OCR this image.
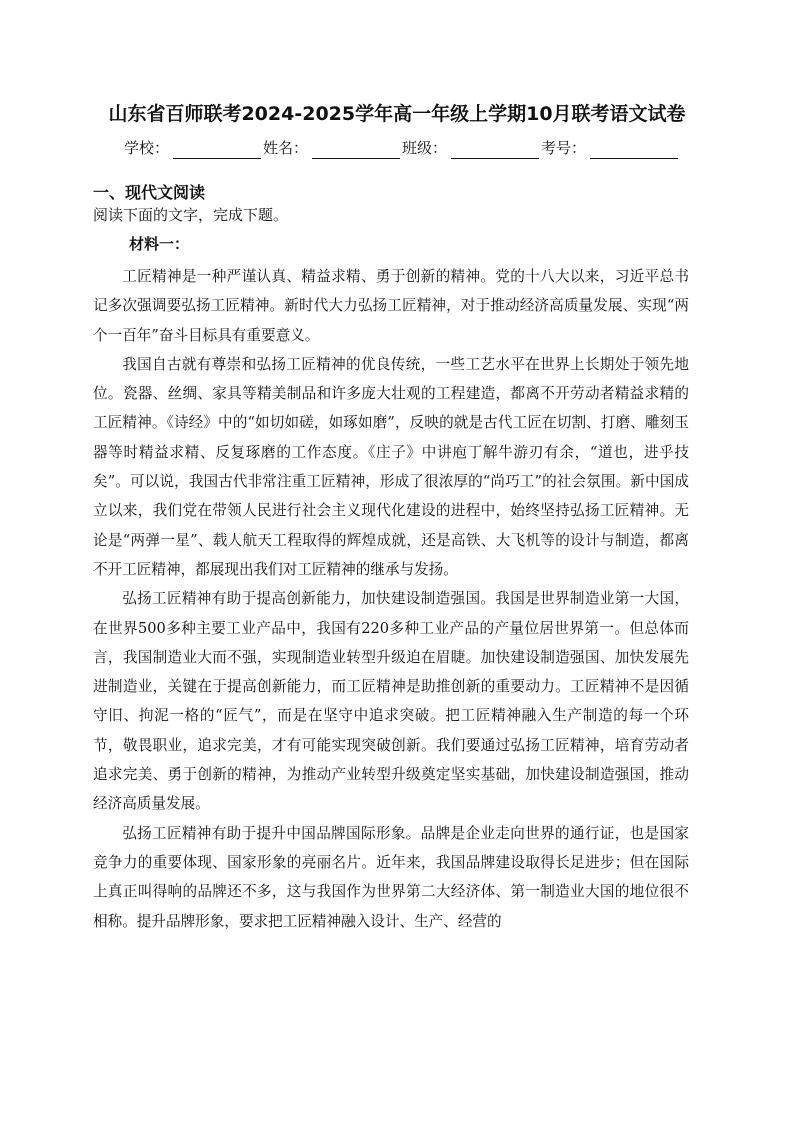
山东省百师联考2024-2025学年高一年级上学期10月联考语文试卷
学校：	姓名：	班级：	考号：
一、现代文阅读
阅读下面的文字，完成下题。
材料一：

工匠精神是一种严谨认真、精益求精、勇于创新的精神。党的十八大以来，习近平总书记多次强调要弘扬工匠精神。新时代大力弘扬工匠精神，对于推动经济高质量发展、实现“两个一百年”奋斗目标具有重要意义。

我国自古就有尊崇和弘扬工匠精神的优良传统，一些工艺水平在世界上长期处于领先地位。瓷器、丝绸、家具等精美制品和许多庞大壮观的工程建造，都离不开劳动者精益求精的工匠精神。《诗经》中的“如切如磋，如琢如磨”，反映的就是古代工匠在切割、打磨、雕刻玉器等时精益求精、反复琢磨的工作态度。《庄子》中讲庖丁解牛游刃有余，“道也，进乎技矣”。可以说，我国古代非常注重工匠精神，形成了很浓厚的“尚巧工”的社会氛围。新中国成立以来，我们党在带领人民进行社会主义现代化建设的进程中，始终坚持弘扬工匠精神。无论是“两弹一星”、载人航天工程取得的辉煌成就，还是高铁、大飞机等的设计与制造，都离不开工匠精神，都展现出我们对工匠精神的继承与发扬。

弘扬工匠精神有助于提高创新能力，加快建设制造强国。我国是世界制造业第一大国，在世界500多种主要工业产品中，我国有220多种工业产品的产量位居世界第一。但总体而言，我国制造业大而不强，实现制造业转型升级迫在眉睫。加快建设制造强国、加快发展先进制造业，关键在于提高创新能力，而工匠精神是助推创新的重要动力。工匠精神不是因循守旧、拘泥一格的“匠气”，而是在坚守中追求突破。把工匠精神融入生产制造的每一个环节，敬畏职业，追求完美，才有可能实现突破创新。我们要通过弘扬工匠精神，培育劳动者追求完美、勇于创新的精神，为推动产业转型升级奠定坚实基础，加快建设制造强国，推动经济高质量发展。

弘扬工匠精神有助于提升中国品牌国际形象。品牌是企业走向世界的通行证，也是国家竞争力的重要体现、国家形象的亮丽名片。近年来，我国品牌建设取得长足进步；但在国际上真正叫得响的品牌还不多，这与我国作为世界第二大经济体、第一制造业大国的地位很不相称。提升品牌形象，要求把工匠精神融入设计、生产、经营的
